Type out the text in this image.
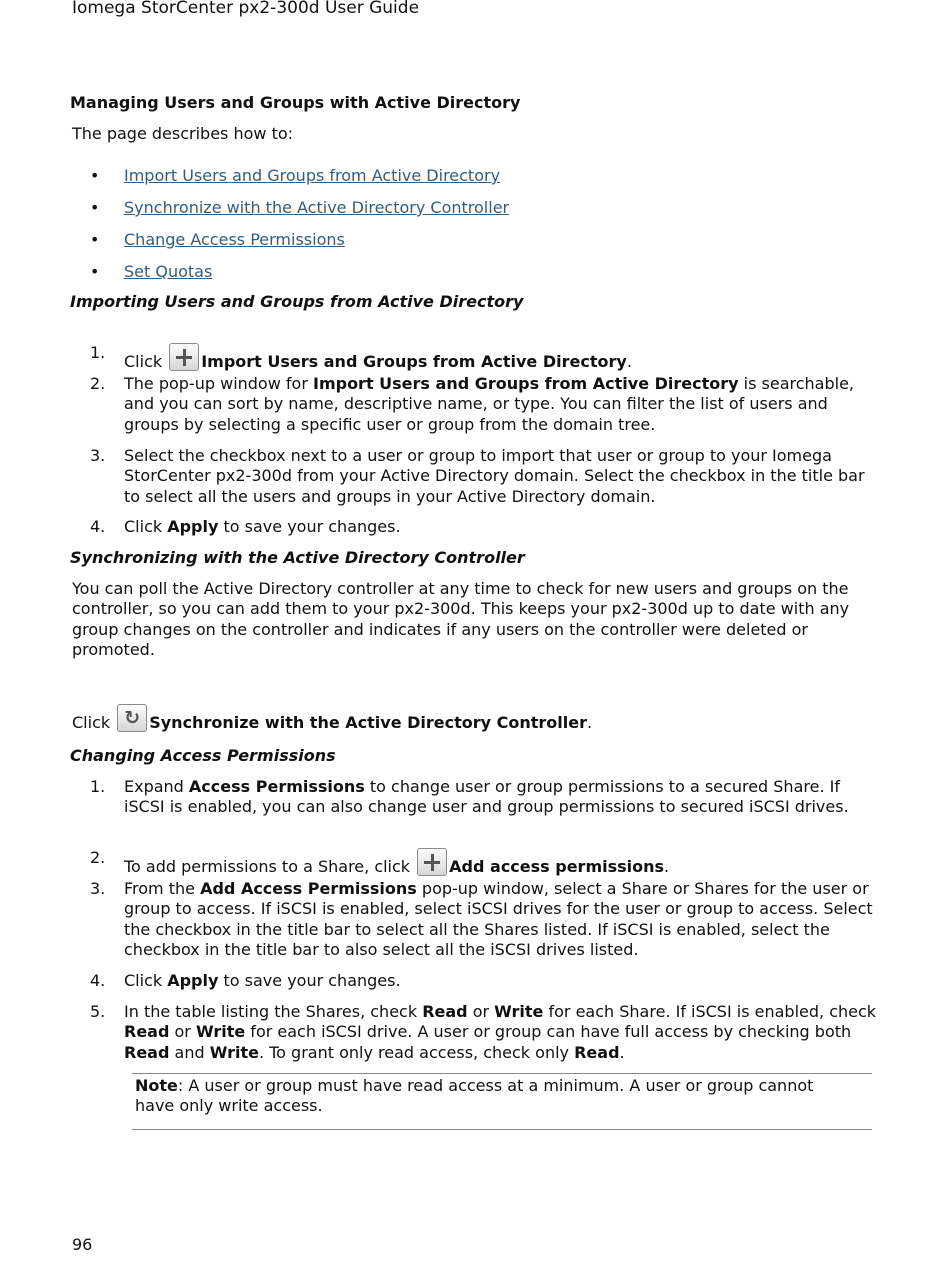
Iomega StorCenter px2-300d User Guide
Managing Users and Groups with Active Directory
The page describes how to:
• Import Users and Groups from Active Directory
• Synchronize with the Active Directory Controller
• Change Access Permissions
• Set Quotas
Importing Users and Groups from Active Directory
1. Click
Import Users and Groups from Active Directory.
2. The pop-up window for Import Users and Groups from Active Directory is searchable, and you can sort by name, descriptive name, or type. You can filter the list of users and groups by selecting a specific user or group from the domain tree.
3. Select the checkbox next to a user or group to import that user or group to your Iomega StorCenter px2-300d from your Active Directory domain. Select the checkbox in the title bar to select all the users and groups in your Active Directory domain.
4. Click Apply to save your changes.
Synchronizing with the Active Directory Controller
You can poll the Active Directory controller at any time to check for new users and groups on the controller, so you can add them to your px2-300d. This keeps your px2-300d up to date with any group changes on the controller and indicates if any users on the controller were deleted or promoted.
Click ↻ Synchronize with the Active Directory Controller.
Changing Access Permissions
1. Expand Access Permissions to change user or group permissions to a secured Share. If iSCSI is enabled, you can also change user and group permissions to secured iSCSI drives.
2. To add permissions to a Share, click
Add access permissions.
3. From the Add Access Permissions pop-up window, select a Share or Shares for the user or group to access. If iSCSI is enabled, select iSCSI drives for the user or group to access. Select the checkbox in the title bar to select all the Shares listed. If iSCSI is enabled, select the checkbox in the title bar to also select all the iSCSI drives listed.
4. Click Apply to save your changes.
5. In the table listing the Shares, check Read or Write for each Share. If iSCSI is enabled, check Read or Write for each iSCSI drive. A user or group can have full access by checking both Read and Write. To grant only read access, check only Read.
Note: A user or group must have read access at a minimum. A user or group cannot have only write access.
96
